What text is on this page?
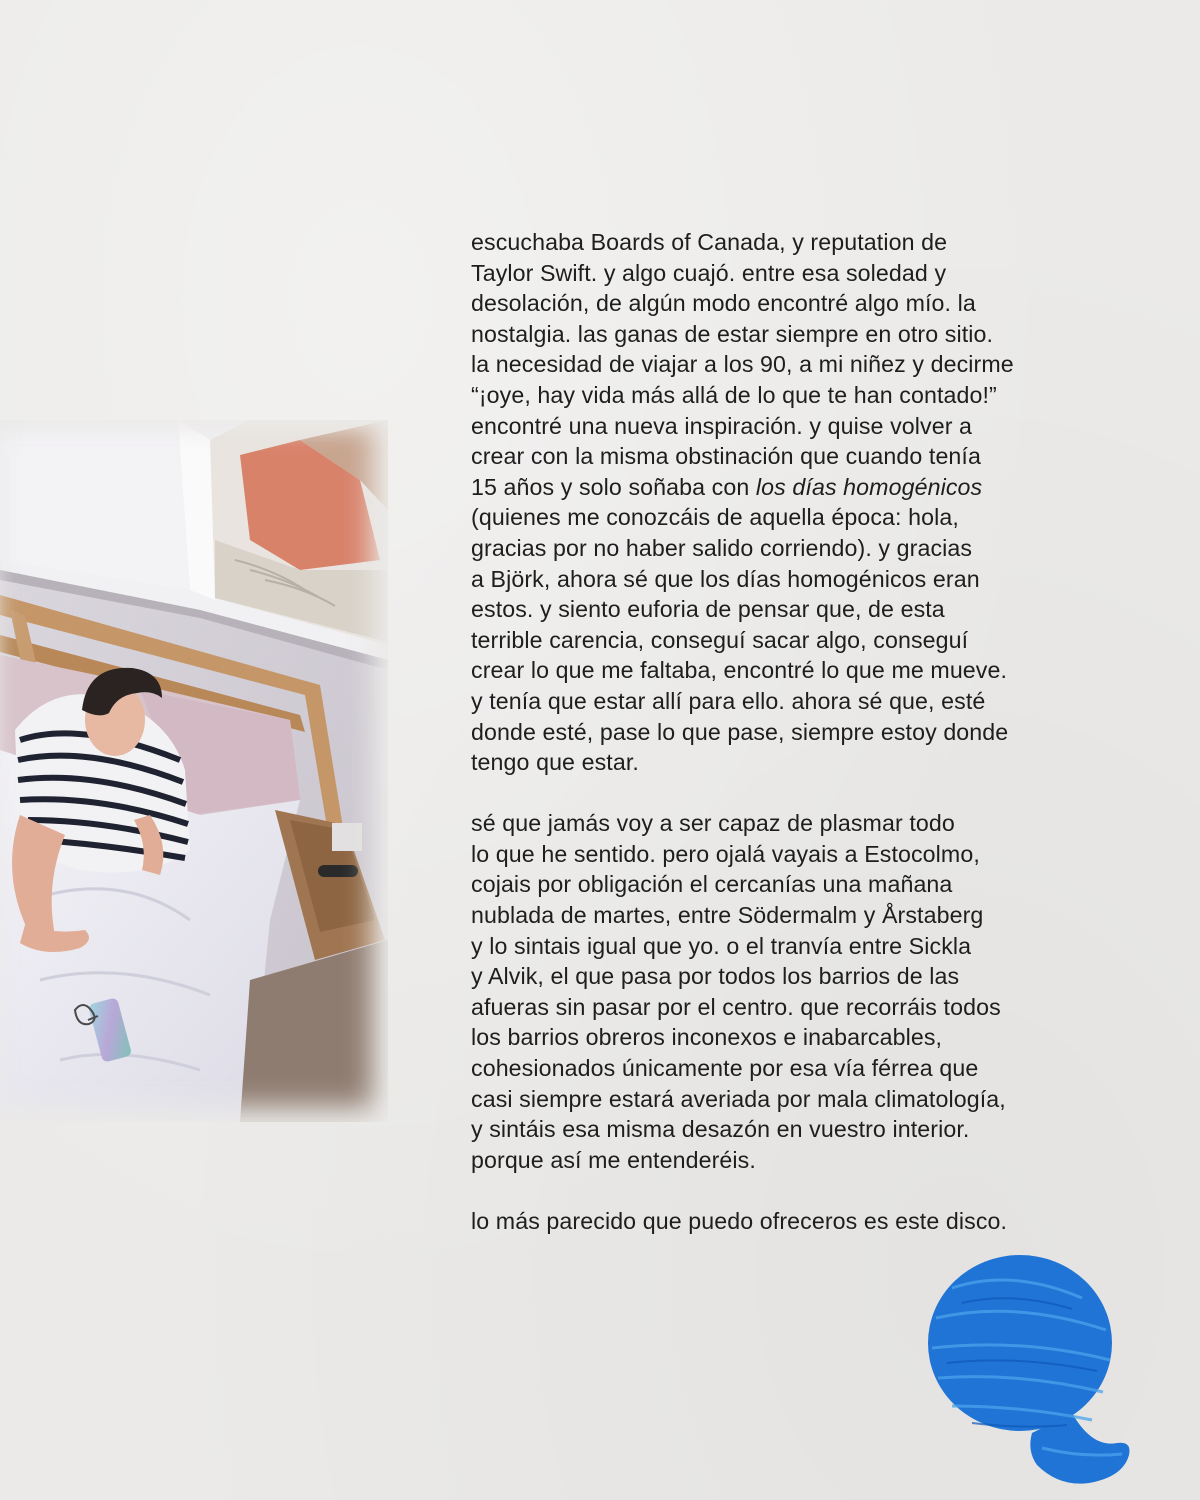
escuchaba Boards of Canada, y reputation de
Taylor Swift. y algo cuajó. entre esa soledad y
desolación, de algún modo encontré algo mío. la
nostalgia. las ganas de estar siempre en otro sitio.
la necesidad de viajar a los 90, a mi niñez y decirme
“¡oye, hay vida más allá de lo que te han contado!”
encontré una nueva inspiración. y quise volver a
crear con la misma obstinación que cuando tenía
15 años y solo soñaba con los días homogénicos
(quienes me conozcáis de aquella época: hola,
gracias por no haber salido corriendo). y gracias
a Björk, ahora sé que los días homogénicos eran
estos. y siento euforia de pensar que, de esta
terrible carencia, conseguí sacar algo, conseguí
crear lo que me faltaba, encontré lo que me mueve.
y tenía que estar allí para ello. ahora sé que, esté
donde esté, pase lo que pase, siempre estoy donde
tengo que estar.
sé que jamás voy a ser capaz de plasmar todo
lo que he sentido. pero ojalá vayais a Estocolmo,
cojais por obligación el cercanías una mañana
nublada de martes, entre Södermalm y Årstaberg
y lo sintais igual que yo. o el tranvía entre Sickla
y Alvik, el que pasa por todos los barrios de las
afueras sin pasar por el centro. que recorráis todos
los barrios obreros inconexos e inabarcables,
cohesionados únicamente por esa vía férrea que
casi siempre estará averiada por mala climatología,
y sintáis esa misma desazón en vuestro interior.
porque así me entenderéis.
lo más parecido que puedo ofreceros es este disco.
